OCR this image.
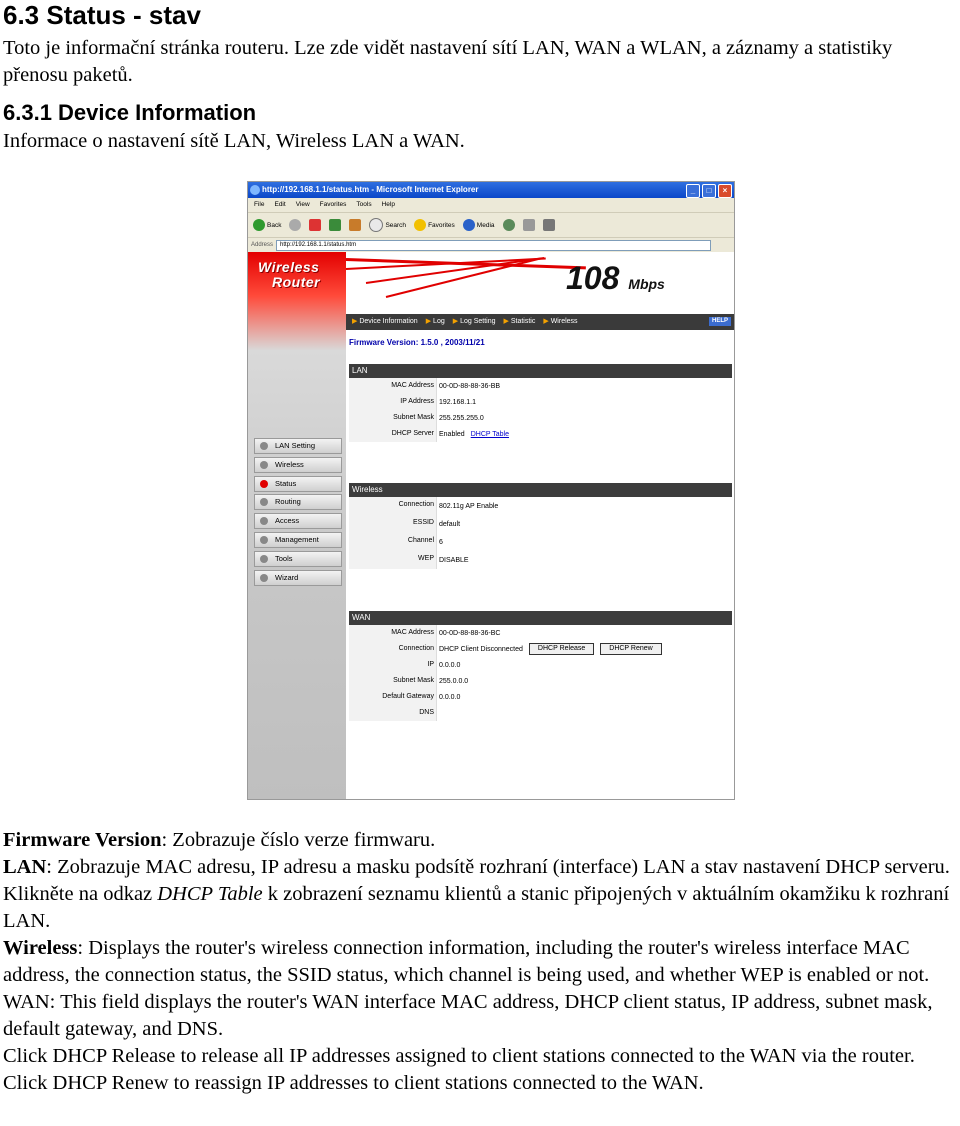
6.3 Status - stav

Toto je informační stránka routeru. Lze zde vidět nastavení sítí LAN, WAN a WLAN, a záznamy a statistiky přenosu paketů.

6.3.1 Device Information

Informace o nastavení sítě LAN, Wireless LAN a WAN.

http://192.168.1.1/status.htm - Microsoft Internet Explorer	_	□	×
File Edit View Favorites Tools Help
Back	Search	Favorites	Media
Address	http://192.168.1.1/status.htm
Wireless
Router
LAN Setting
Wireless
Status
Routing
Access
Management
Tools
Wizard
108 Mbps
▶ Device Information ▶ Log ▶ Log Setting ▶ Statistic ▶ Wireless	HELP
Firmware Version: 1.5.0 , 2003/11/21
LAN
MAC Address 00-0D-88-88-36-BB
IP Address 192.168.1.1
Subnet Mask 255.255.255.0
DHCP Server Enabled DHCP Table
Wireless
Connection 802.11g AP Enable
ESSID default
Channel 6
WEP DISABLE
WAN
MAC Address 00-0D-88-88-36-BC
Connection DHCP Client Disconnected	DHCP Release	DHCP Renew
IP 0.0.0.0
Subnet Mask 255.0.0.0
Default Gateway 0.0.0.0
DNS
Firmware Version: Zobrazuje číslo verze firmwaru.
LAN: Zobrazuje MAC adresu, IP adresu a masku podsítě rozhraní (interface) LAN a stav nastavení DHCP serveru. Klikněte na odkaz DHCP Table k zobrazení seznamu klientů a stanic připojených v aktuálním okamžiku k rozhraní LAN.
Wireless: Displays the router's wireless connection information, including the router's wireless interface MAC address, the connection status, the SSID status, which channel is being used, and whether WEP is enabled or not.
WAN: This field displays the router's WAN interface MAC address, DHCP client status, IP address, subnet mask, default gateway, and DNS.
Click DHCP Release to release all IP addresses assigned to client stations connected to the WAN via the router. Click DHCP Renew to reassign IP addresses to client stations connected to the WAN.
